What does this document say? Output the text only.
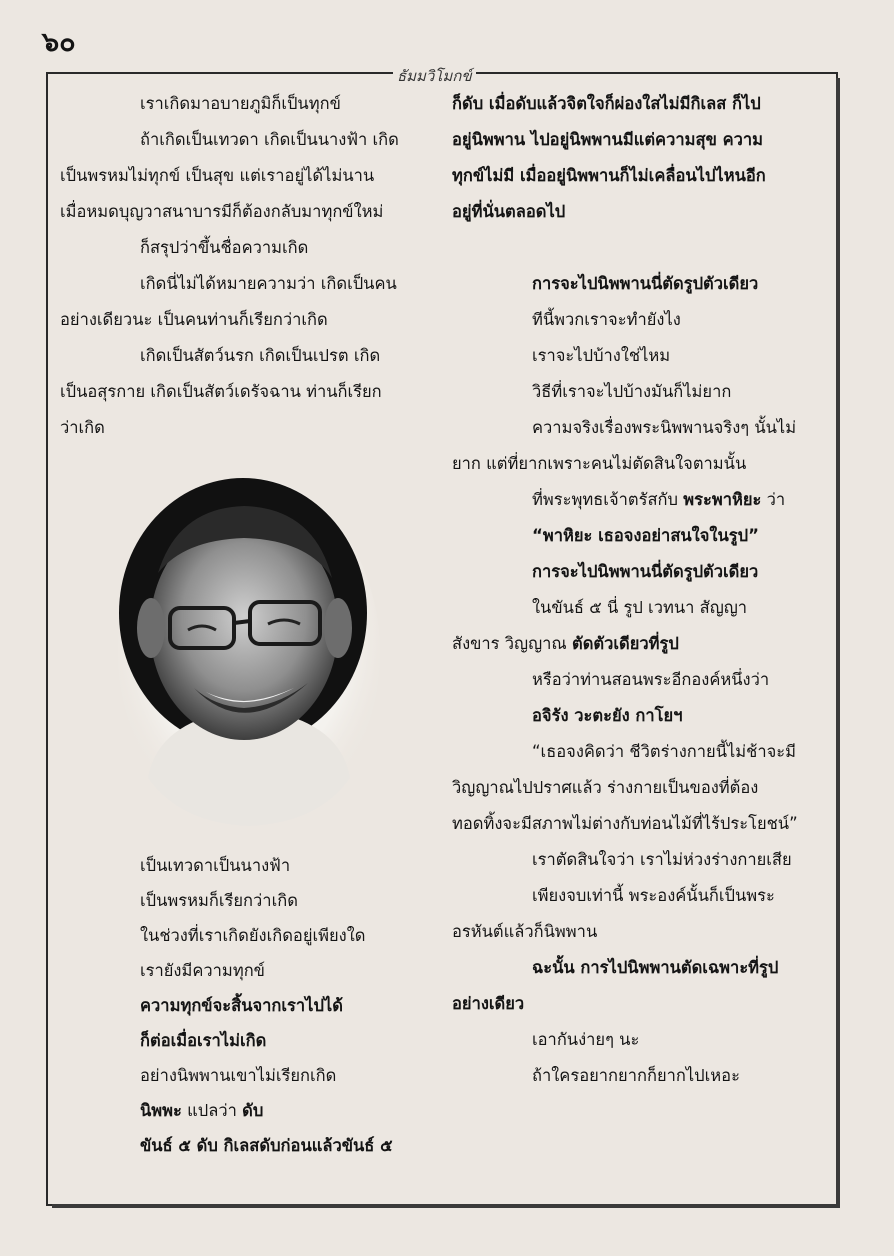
๖๐
ธัมมวิโมกข์

เราเกิดมาอบายภูมิก็เป็นทุกข์

ถ้าเกิดเป็นเทวดา เกิดเป็นนางฟ้า เกิด

เป็นพรหมไม่ทุกข์ เป็นสุข แต่เราอยู่ได้ไม่นาน

เมื่อหมดบุญวาสนาบารมีก็ต้องกลับมาทุกข์ใหม่

ก็สรุปว่าขึ้นชื่อความเกิด

เกิดนี่ไม่ได้หมายความว่า เกิดเป็นคน

อย่างเดียวนะ เป็นคนท่านก็เรียกว่าเกิด

เกิดเป็นสัตว์นรก เกิดเป็นเปรต เกิด

เป็นอสุรกาย เกิดเป็นสัตว์เดรัจฉาน ท่านก็เรียก

ว่าเกิด

เป็นเทวดาเป็นนางฟ้า

เป็นพรหมก็เรียกว่าเกิด

ในช่วงที่เราเกิดยังเกิดอยู่เพียงใด

เรายังมีความทุกข์

ความทุกข์จะสิ้นจากเราไปได้

ก็ต่อเมื่อเราไม่เกิด

อย่างนิพพานเขาไม่เรียกเกิด

นิพพะ แปลว่า ดับ

ขันธ์ ๕ ดับ กิเลสดับก่อนแล้วขันธ์ ๕

ก็ดับ เมื่อดับแล้วจิตใจก็ผ่องใสไม่มีกิเลส ก็ไป

อยู่นิพพาน ไปอยู่นิพพานมีแต่ความสุข ความ

ทุกข์ไม่มี เมื่ออยู่นิพพานก็ไม่เคลื่อนไปไหนอีก

อยู่ที่นั่นตลอดไป

การจะไปนิพพานนี่ตัดรูปตัวเดียว

ทีนี้พวกเราจะทำยังไง

เราจะไปบ้างใช่ไหม

วิธีที่เราจะไปบ้างมันก็ไม่ยาก

ความจริงเรื่องพระนิพพานจริงๆ นั้นไม่

ยาก แต่ที่ยากเพราะคนไม่ตัดสินใจตามนั้น

ที่พระพุทธเจ้าตรัสกับ พระพาหิยะ ว่า

“พาหิยะ เธอจงอย่าสนใจในรูป”

การจะไปนิพพานนี่ตัดรูปตัวเดียว

ในขันธ์ ๕ นี่ รูป เวทนา สัญญา

สังขาร วิญญาณ ตัดตัวเดียวที่รูป

หรือว่าท่านสอนพระอีกองค์หนึ่งว่า

อจิรัง วะตะยัง กาโยฯ

“เธอจงคิดว่า ชีวิตร่างกายนี้ไม่ช้าจะมี

วิญญาณไปปราศแล้ว ร่างกายเป็นของที่ต้อง

ทอดทิ้งจะมีสภาพไม่ต่างกับท่อนไม้ที่ไร้ประโยชน์”

เราตัดสินใจว่า เราไม่ห่วงร่างกายเสีย

เพียงจบเท่านี้ พระองค์นั้นก็เป็นพระ

อรหันต์แล้วก็นิพพาน

ฉะนั้น การไปนิพพานตัดเฉพาะที่รูป

อย่างเดียว

เอากันง่ายๆ นะ

ถ้าใครอยากยากก็ยากไปเหอะ
